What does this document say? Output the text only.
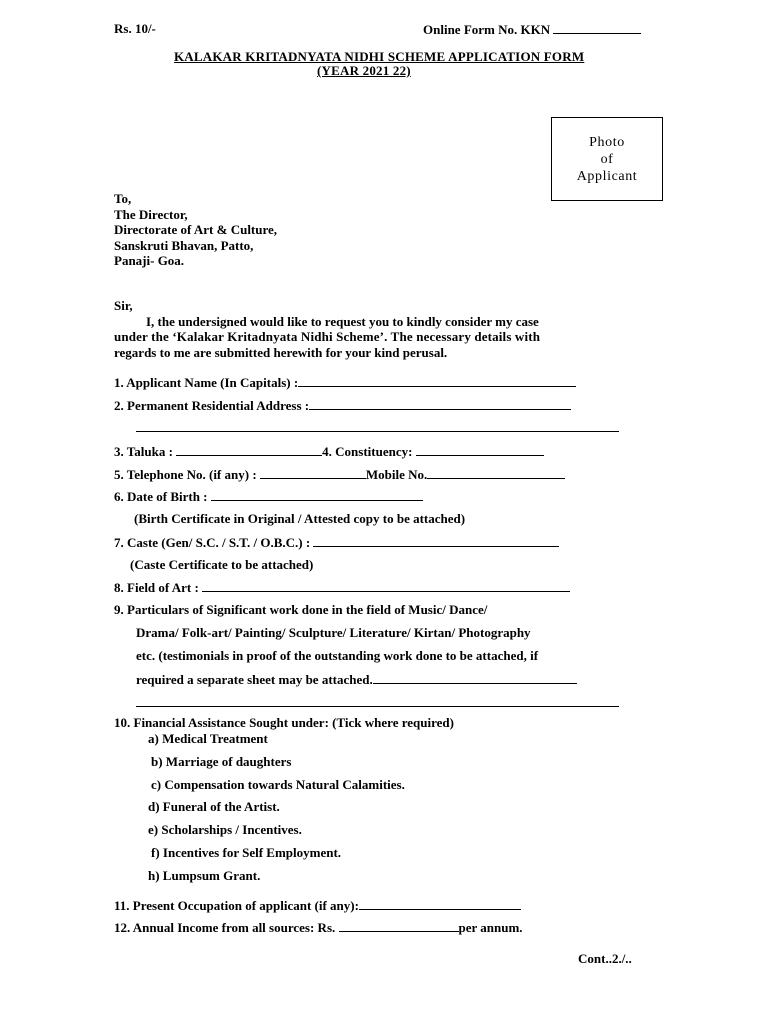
Rs. 10/-	Online Form No. KKN
KALAKAR KRITADNYATA NIDHI SCHEME APPLICATION FORM
(YEAR 2021 22)
Photo
of
Applicant
To,
The Director,
Directorate of Art & Culture,
Sanskruti Bhavan, Patto,
Panaji- Goa.

Sir,

I, the undersigned would like to request you to kindly consider my case

under the ‘Kalakar Kritadnyata Nidhi Scheme’. The necessary details with

regards to me are submitted herewith for your kind perusal.

1. Applicant Name (In Capitals) :
2. Permanent Residential Address :
3. Taluka :	4. Constituency:
5. Telephone No. (if any) :	Mobile No.
6. Date of Birth :
(Birth Certificate in Original / Attested copy to be attached)
7. Caste (Gen/ S.C. / S.T. / O.B.C.) :
(Caste Certificate to be attached)
8. Field of Art :
9. Particulars of Significant work done in the field of Music/ Dance/
Drama/ Folk-art/ Painting/ Sculpture/ Literature/ Kirtan/ Photography
etc. (testimonials in proof of the outstanding work done to be attached, if
required a separate sheet may be attached.
10. Financial Assistance Sought under: (Tick where required)
a) Medical Treatment
b) Marriage of daughters
c) Compensation towards Natural Calamities.
d) Funeral of the Artist.
e) Scholarships / Incentives.
f) Incentives for Self Employment.
h) Lumpsum Grant.
11. Present Occupation of applicant (if any):
12. Annual Income from all sources: Rs.	per annum.
Cont..2./..
